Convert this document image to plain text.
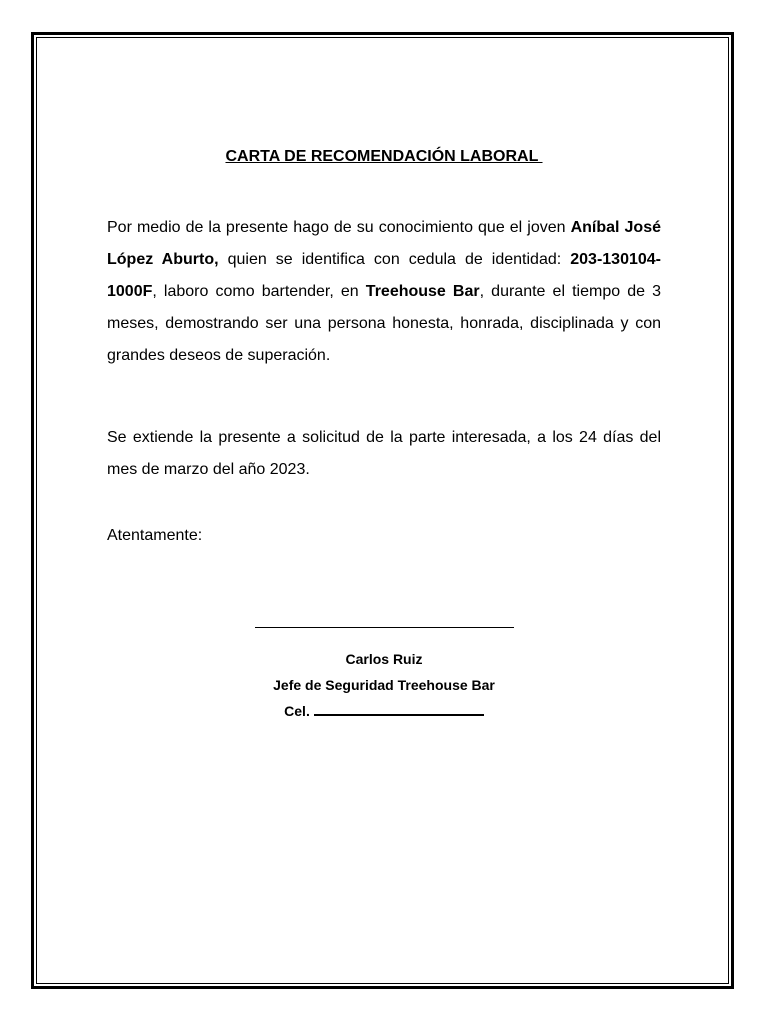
CARTA DE RECOMENDACIÓN LABORAL
Por medio de la presente hago de su conocimiento que el joven Aníbal José López Aburto, quien se identifica con cedula de identidad: 203-130104-1000F, laboro como bartender, en Treehouse Bar, durante el tiempo de 3 meses, demostrando ser una persona honesta, honrada, disciplinada y con grandes deseos de superación.
Se extiende la presente a solicitud de la parte interesada, a los 24 días del mes de marzo del año 2023.
Atentamente:
Carlos Ruiz
Jefe de Seguridad Treehouse Bar
Cel.
